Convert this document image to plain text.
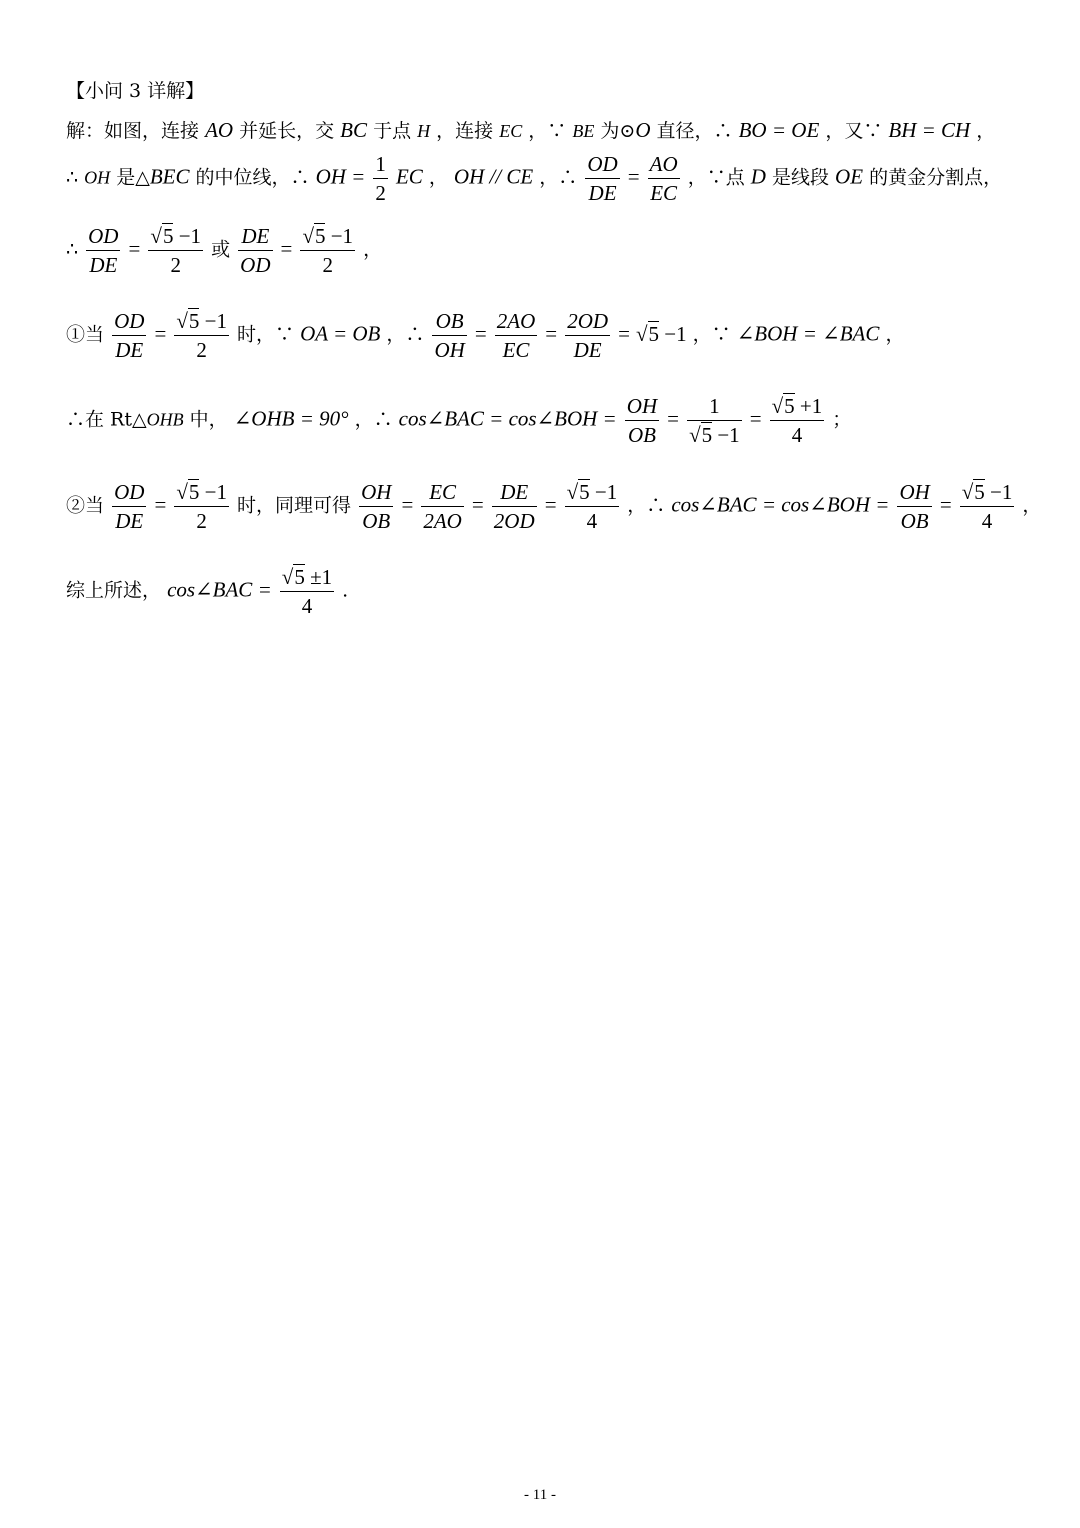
【小问 3 详解】
解：如图，连接 AO 并延长，交 BC 于点 H ，连接 EC ，∵ BE 为⊙O 直径，∴ BO = OE ，又∵ BH = CH ，
∴ OH 是△BEC 的中位线，∴ OH = $\frac{1}{2}$ EC ， OH // CE ，∴ $\frac{OD}{DE} = \frac{AO}{EC}$ ，∵点 D 是线段 OE 的黄金分割点，
∴ $\frac{OD}{DE} = \frac{√5 -1}{2}$ 或 $\frac{DE}{OD} = \frac{√5 -1}{2}$ ，
①当 $\frac{OD}{DE} = \frac{√5 -1}{2}$ 时，∵ OA = OB ，∴ $\frac{OB}{OH} = \frac{2AO}{EC} = \frac{2OD}{DE} = √5 -1$ ，∵ ∠BOH = ∠BAC ，
∴在 Rt△OHB 中， ∠OHB = 90° ，∴ cos∠BAC = cos∠BOH = $\frac{OH}{OB} = \frac{1}{√5 -1} = \frac{√5 +1}{4}$ ；
②当 $\frac{OD}{DE} = \frac{√5 -1}{2}$ 时，同理可得 $\frac{OH}{OB} = \frac{EC}{2AO} = \frac{DE}{2OD} = \frac{√5 -1}{4}$ ，∴ cos∠BAC = cos∠BOH = $\frac{OH}{OB} = \frac{√5 -1}{4}$ ，
综上所述， cos∠BAC = $\frac{√5 \pm 1}{4}$ .
- 11 -
